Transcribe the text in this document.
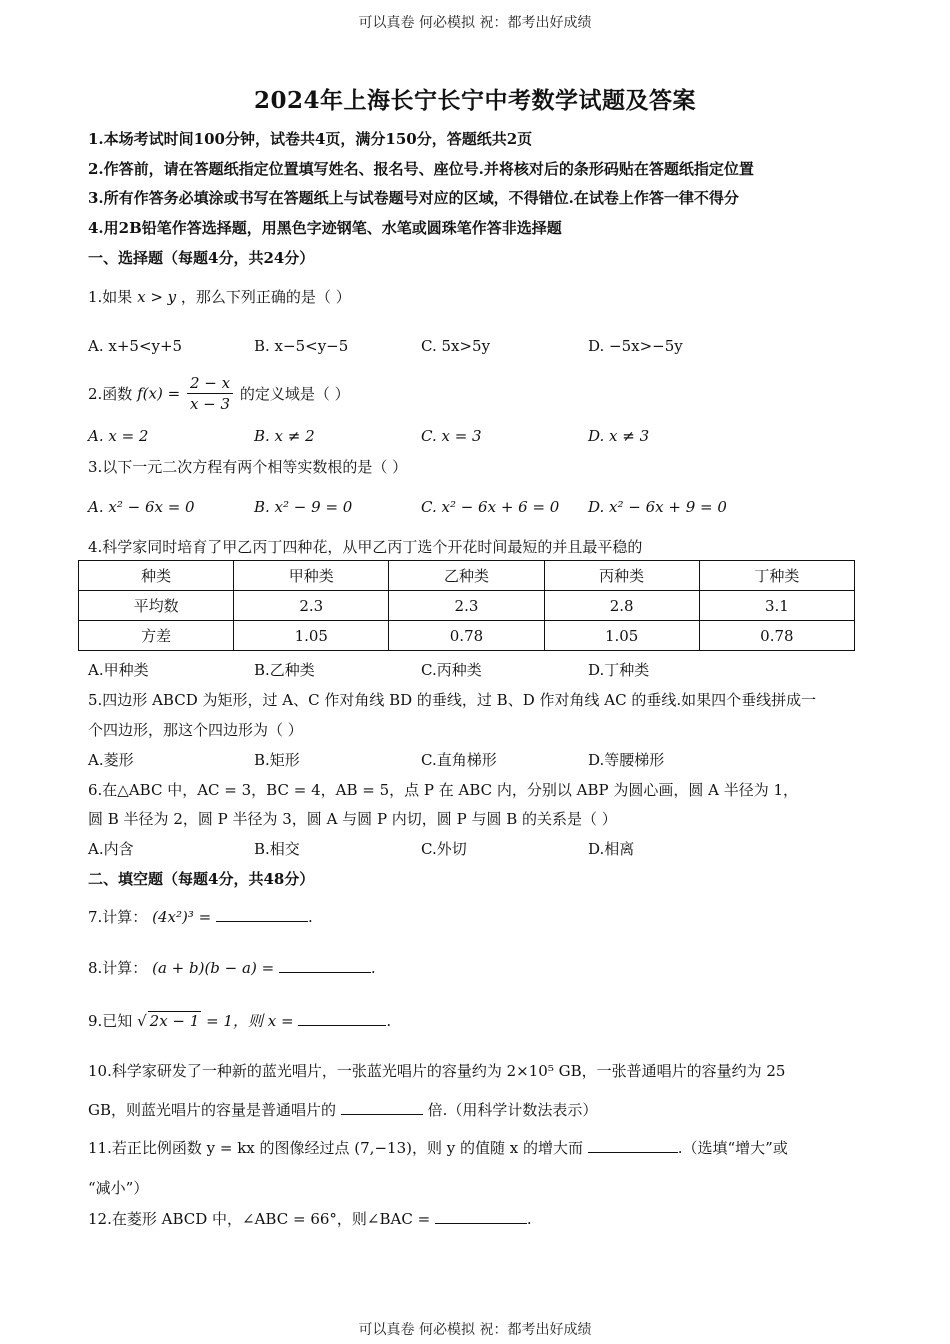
可以真卷 何必模拟 祝：都考出好成绩
2024年上海长宁长宁中考数学试题及答案
1.本场考试时间100分钟，试卷共4页，满分150分，答题纸共2页
2.作答前，请在答题纸指定位置填写姓名、报名号、座位号.并将核对后的条形码贴在答题纸指定位置
3.所有作答务必填涂或书写在答题纸上与试卷题号对应的区域，不得错位.在试卷上作答一律不得分
4.用2B铅笔作答选择题，用黑色字迹钢笔、水笔或圆珠笔作答非选择题
一、选择题（每题4分，共24分）
1.如果 x > y ，那么下列正确的是（ ）
A. x+5<y+5	B. x−5<y−5	C. 5x>5y	D. −5x>−5y
2.函数 $f(x) = \frac{2 - x}{x - 3}$ 的定义域是（ ）
A. x = 2	B. x ≠ 2	C. x = 3	D. x ≠ 3
3.以下一元二次方程有两个相等实数根的是（ ）
A. x² − 6x = 0	B. x² − 9 = 0	C. x² − 6x + 6 = 0 D. x² − 6x + 9 = 0
4.科学家同时培育了甲乙丙丁四种花，从甲乙丙丁选个开花时间最短的并且最平稳的
种类	甲种类	乙种类	丙种类	丁种类
平均数	2.3	2.3	2.8	3.1
方差	1.05	0.78	1.05	0.78
A.甲种类	B.乙种类	C.丙种类	D.丁种类
5.四边形 ABCD 为矩形，过 A、C 作对角线 BD 的垂线，过 B、D 作对角线 AC 的垂线.如果四个垂线拼成一
个四边形，那这个四边形为（ ）
A.菱形	B.矩形	C.直角梯形	D.等腰梯形
6.在△ABC 中，AC = 3，BC = 4，AB = 5，点 P 在 ABC 内，分别以 ABP 为圆心画，圆 A 半径为 1，
圆 B 半径为 2，圆 P 半径为 3，圆 A 与圆 P 内切，圆 P 与圆 B 的关系是（ ）
A.内含	B.相交	C.外切	D.相离
二、填空题（每题4分，共48分）
7.计算： (4x²)³ =	.
8.计算： (a + b)(b − a) =	.
9.已知 √ 2x − 1 = 1，则 x =	.
10.科学家研发了一种新的蓝光唱片，一张蓝光唱片的容量约为 2×10⁵ GB，一张普通唱片的容量约为 25
GB，则蓝光唱片的容量是普通唱片的	倍.（用科学计数法表示）
11.若正比例函数 y = kx 的图像经过点 (7,−13)，则 y 的值随 x 的增大而	.（选填“增大”或
“减小”）
12.在菱形 ABCD 中，∠ABC = 66°，则∠BAC =	.
可以真卷 何必模拟 祝：都考出好成绩
